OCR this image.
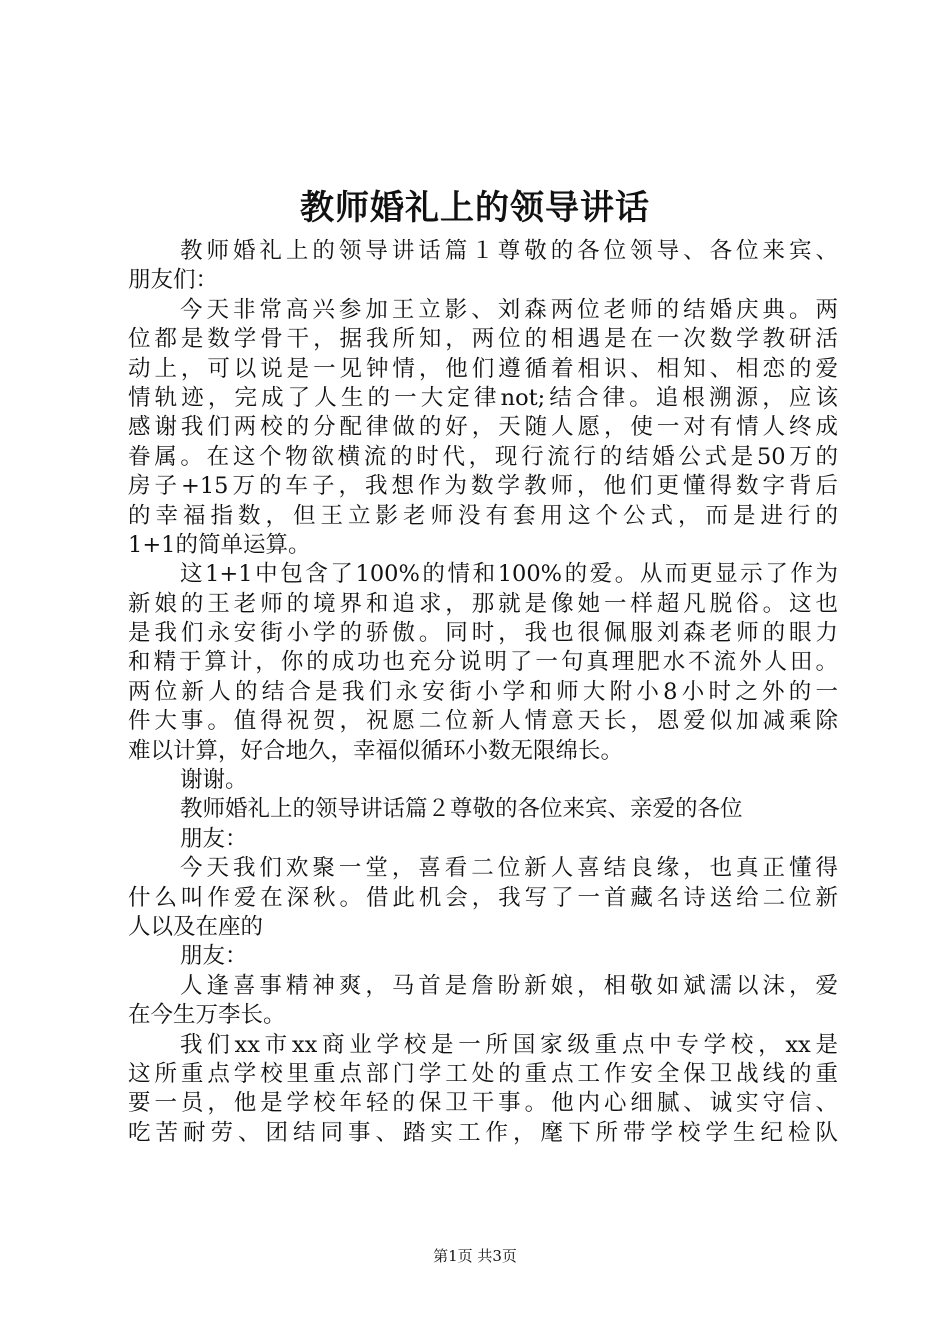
教师婚礼上的领导讲话
教师婚礼上的领导讲话篇１尊敬的各位领导、各位来宾、
朋友们：
今天非常高兴参加王立影、刘森两位老师的结婚庆典。两
位都是数学骨干，据我所知，两位的相遇是在一次数学教研活
动上，可以说是一见钟情，他们遵循着相识、相知、相恋的爱
情轨迹，完成了人生的一大定律not;结合律。追根溯源，应该
感谢我们两校的分配律做的好，天随人愿，使一对有情人终成
眷属。在这个物欲横流的时代，现行流行的结婚公式是50万的
房子+15万的车子，我想作为数学教师，他们更懂得数字背后
的幸福指数，但王立影老师没有套用这个公式，而是进行的
1+1的简单运算。
这1+1中包含了100%的情和100%的爱。从而更显示了作为
新娘的王老师的境界和追求，那就是像她一样超凡脱俗。这也
是我们永安街小学的骄傲。同时，我也很佩服刘森老师的眼力
和精于算计，你的成功也充分说明了一句真理肥水不流外人田。
两位新人的结合是我们永安街小学和师大附小8小时之外的一
件大事。值得祝贺，祝愿二位新人情意天长，恩爱似加减乘除
难以计算，好合地久，幸福似循环小数无限绵长。
谢谢。
教师婚礼上的领导讲话篇２尊敬的各位来宾、亲爱的各位
朋友：
今天我们欢聚一堂，喜看二位新人喜结良缘，也真正懂得
什么叫作爱在深秋。借此机会，我写了一首藏名诗送给二位新
人以及在座的
朋友：
人逢喜事精神爽，马首是詹盼新娘，相敬如斌濡以沫，爱
在今生万李长。
我们xx市xx商业学校是一所国家级重点中专学校，xx是
这所重点学校里重点部门学工处的重点工作安全保卫战线的重
要一员，他是学校年轻的保卫干事。他内心细腻、诚实守信、
吃苦耐劳、团结同事、踏实工作，麾下所带学校学生纪检队
第1页 共3页
